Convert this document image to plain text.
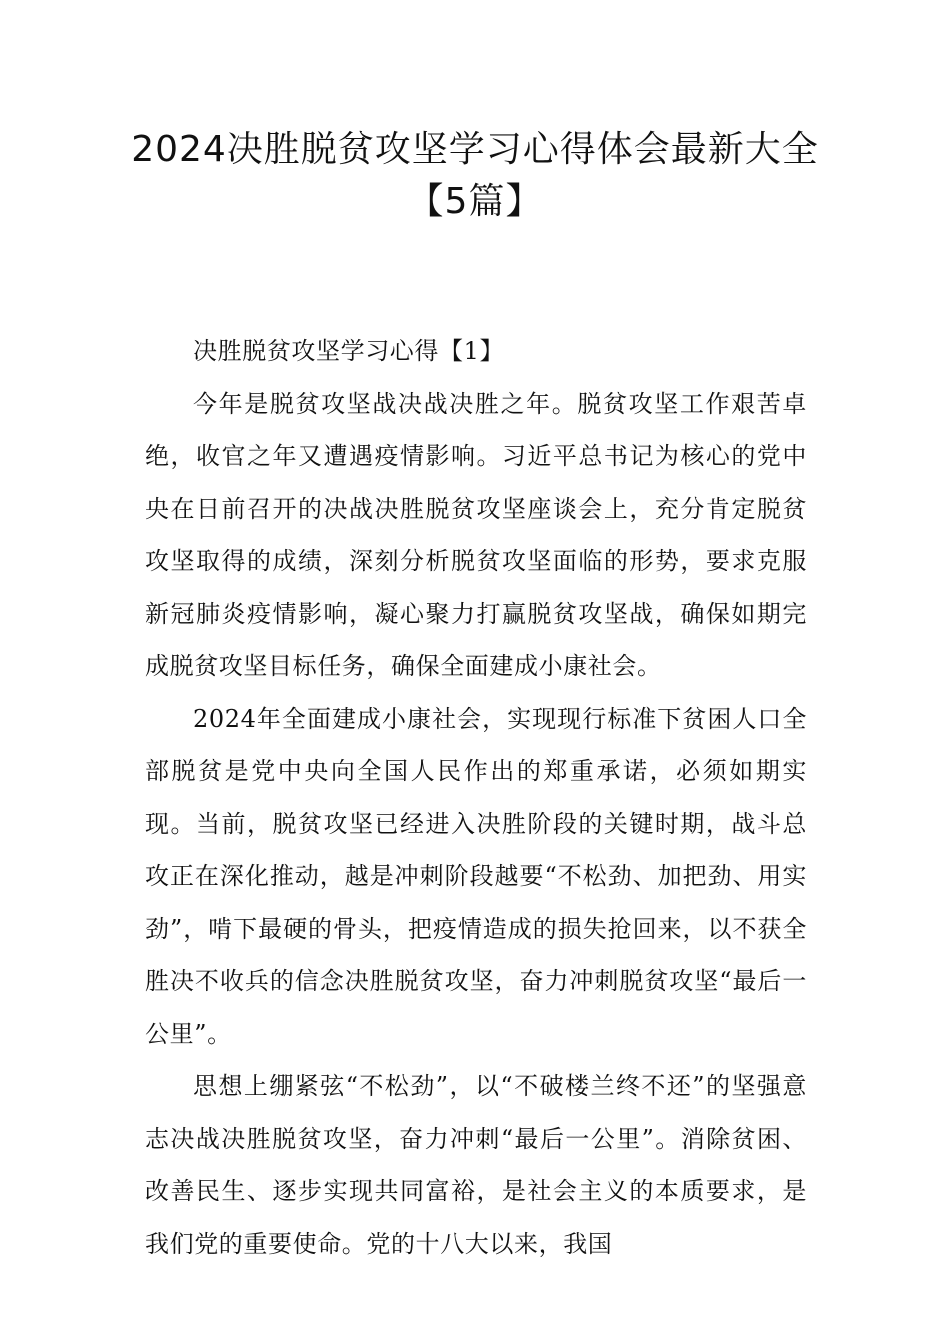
2024决胜脱贫攻坚学习心得体会最新大全【5篇】

决胜脱贫攻坚学习心得【1】

今年是脱贫攻坚战决战决胜之年。脱贫攻坚工作艰苦卓绝，收官之年又遭遇疫情影响。习近平总书记为核心的党中央在日前召开的决战决胜脱贫攻坚座谈会上，充分肯定脱贫攻坚取得的成绩，深刻分析脱贫攻坚面临的形势，要求克服新冠肺炎疫情影响，凝心聚力打赢脱贫攻坚战，确保如期完成脱贫攻坚目标任务，确保全面建成小康社会。

2024年全面建成小康社会，实现现行标准下贫困人口全部脱贫是党中央向全国人民作出的郑重承诺，必须如期实现。当前，脱贫攻坚已经进入决胜阶段的关键时期，战斗总攻正在深化推动，越是冲刺阶段越要“不松劲、加把劲、用实劲”，啃下最硬的骨头，把疫情造成的损失抢回来，以不获全胜决不收兵的信念决胜脱贫攻坚，奋力冲刺脱贫攻坚“最后一公里”。

思想上绷紧弦“不松劲”，以“不破楼兰终不还”的坚强意志决战决胜脱贫攻坚，奋力冲刺“最后一公里”。消除贫困、改善民生、逐步实现共同富裕，是社会主义的本质要求，是我们党的重要使命。党的十八大以来，我国
